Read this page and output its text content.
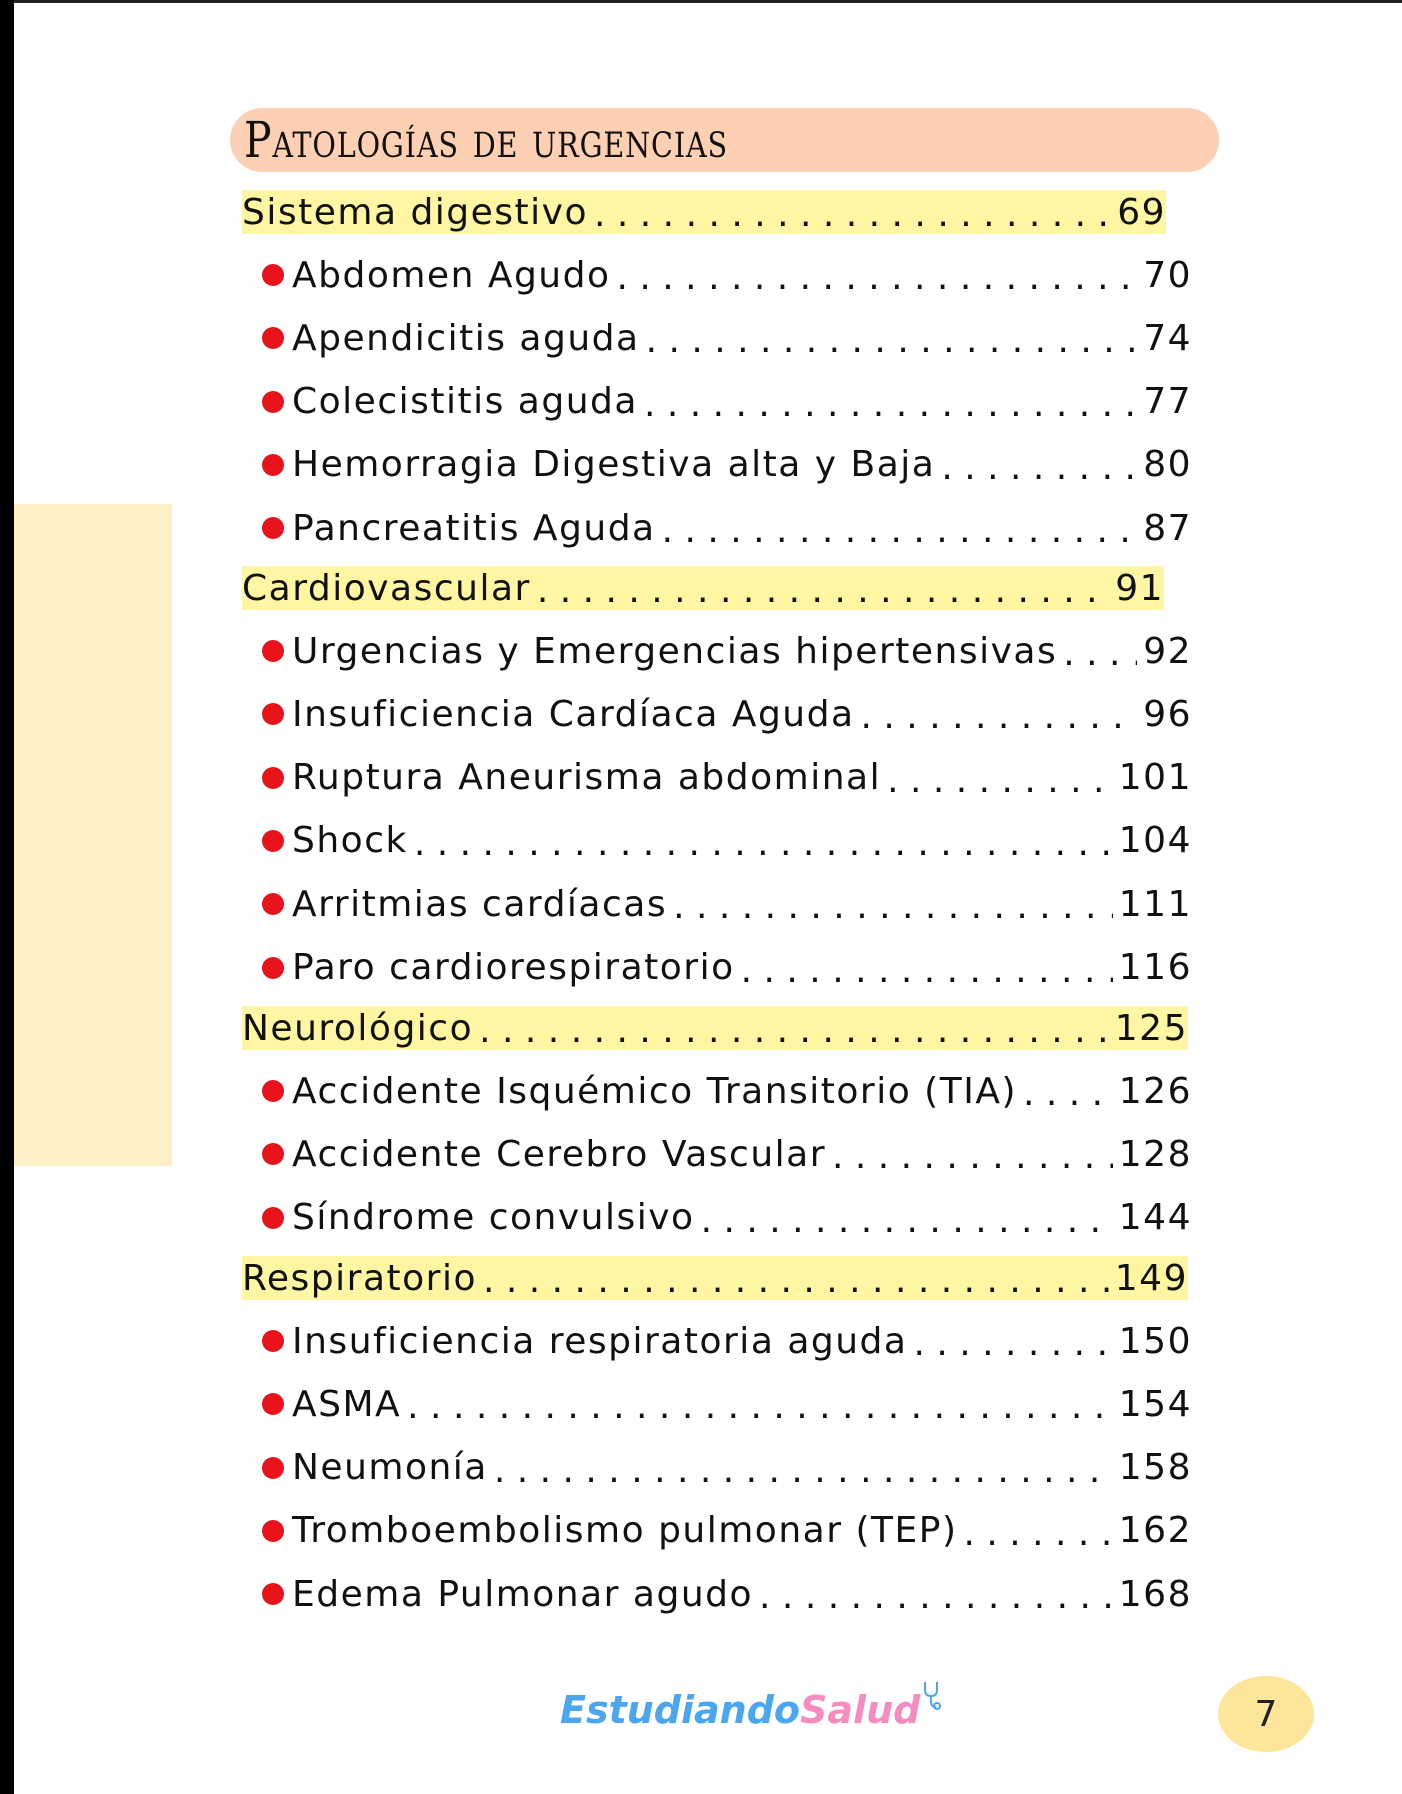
Patologías de urgencias
Sistema digestivo . . .	69
Abdomen Agudo . . .	70
Apendicitis aguda . . .	74
Colecistitis aguda . . .	77
Hemorragia Digestiva alta y Baja . . .	80
Pancreatitis Aguda . . .	87
Cardiovascular . . .	91
Urgencias y Emergencias hipertensivas . . . 92
Insuficiencia Cardíaca Aguda . . .	96
Ruptura Aneurisma abdominal . . .	101
Shock . . .	104
Arritmias cardíacas . . .	111
Paro cardiorespiratorio . . .	116
Neurológico . . .	125
Accidente Isquémico Transitorio (TIA) . . .	126
Accidente Cerebro Vascular . . .	128
Síndrome convulsivo . . .	144
Respiratorio . . .	149
Insuficiencia respiratoria aguda . . .	150
ASMA . . .	154
Neumonía . . .	158
Tromboembolismo pulmonar (TEP) . . .	162
Edema Pulmonar agudo . . .	168
EstudiandoSalud	7
